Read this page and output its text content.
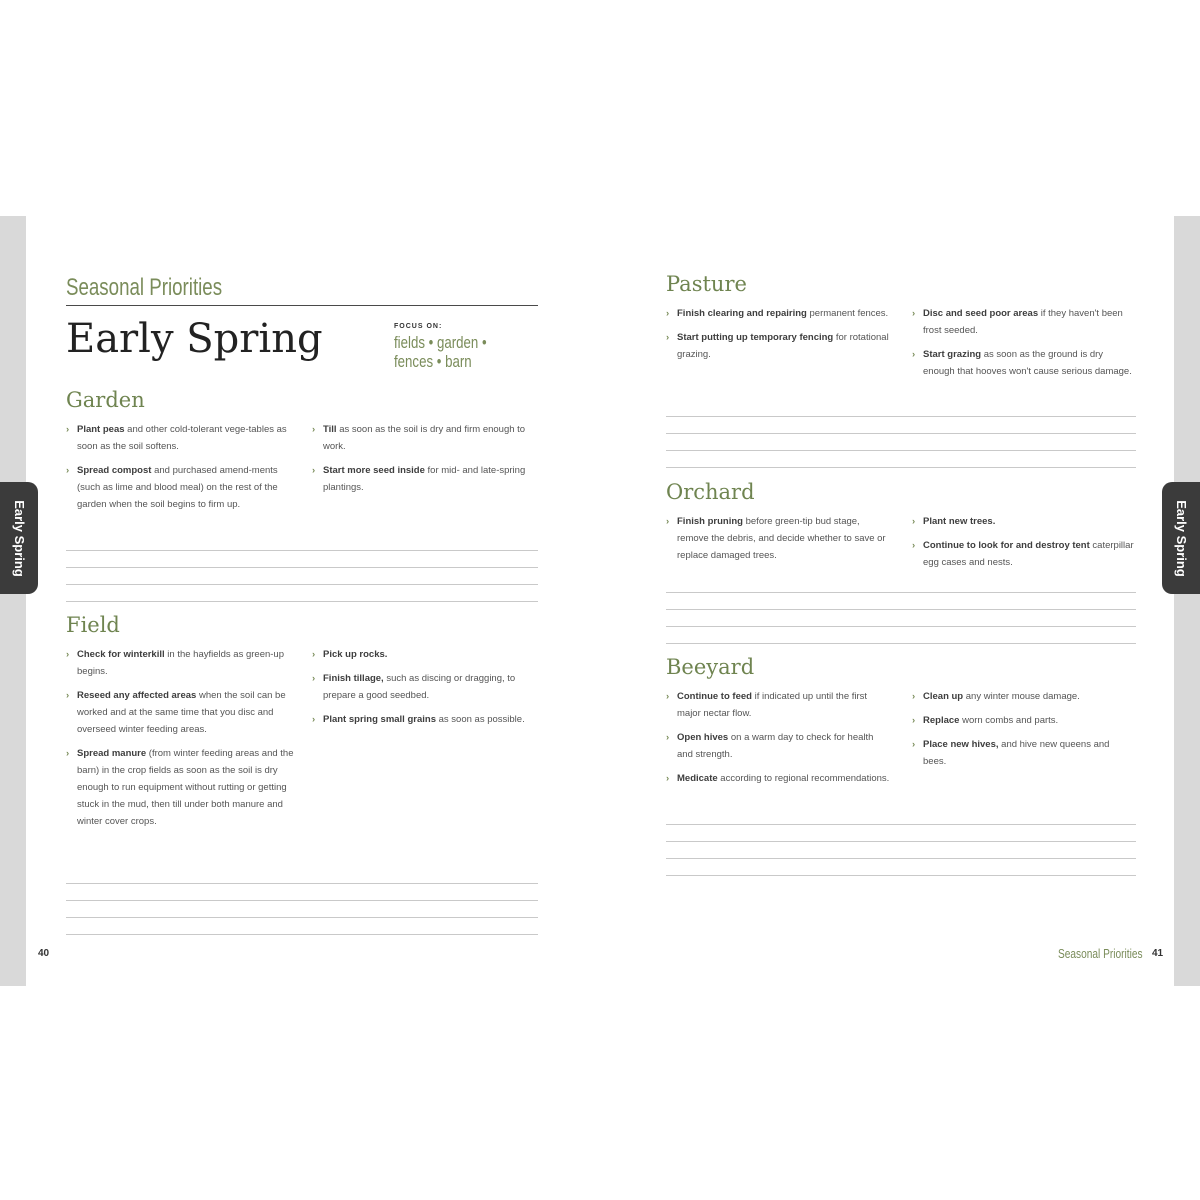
Early Spring	Early Spring
Seasonal Priorities
Early Spring	FOCUS ON:
fields • garden •
fences • barn
Garden
› Plant peas and other cold-tolerant vege-tables as soon as the soil softens.
› Spread compost and purchased amend-ments (such as lime and blood meal) on the rest of the garden when the soil begins to firm up.
› Till as soon as the soil is dry and firm enough to work.
› Start more seed inside for mid- and late-spring plantings.
Field
› Check for winterkill in the hayfields as green-up begins.
› Reseed any affected areas when the soil can be worked and at the same time that you disc and overseed winter feeding areas.
› Spread manure (from winter feeding areas and the barn) in the crop fields as soon as the soil is dry enough to run equipment without rutting or getting stuck in the mud, then till under both manure and winter cover crops.
› Pick up rocks.
› Finish tillage, such as discing or dragging, to prepare a good seedbed.
› Plant spring small grains as soon as possible.
Pasture
› Finish clearing and repairing permanent fences.
› Start putting up temporary fencing for rotational grazing.
› Disc and seed poor areas if they haven't been frost seeded.
› Start grazing as soon as the ground is dry enough that hooves won't cause serious damage.
Orchard
› Finish pruning before green-tip bud stage, remove the debris, and decide whether to save or replace damaged trees.
› Plant new trees.
› Continue to look for and destroy tent caterpillar egg cases and nests.
Beeyard
› Continue to feed if indicated up until the first major nectar flow.
› Open hives on a warm day to check for health and strength.
› Medicate according to regional recommendations.
› Clean up any winter mouse damage.
› Replace worn combs and parts.
› Place new hives, and hive new queens and bees.
40	Seasonal Priorities 41
